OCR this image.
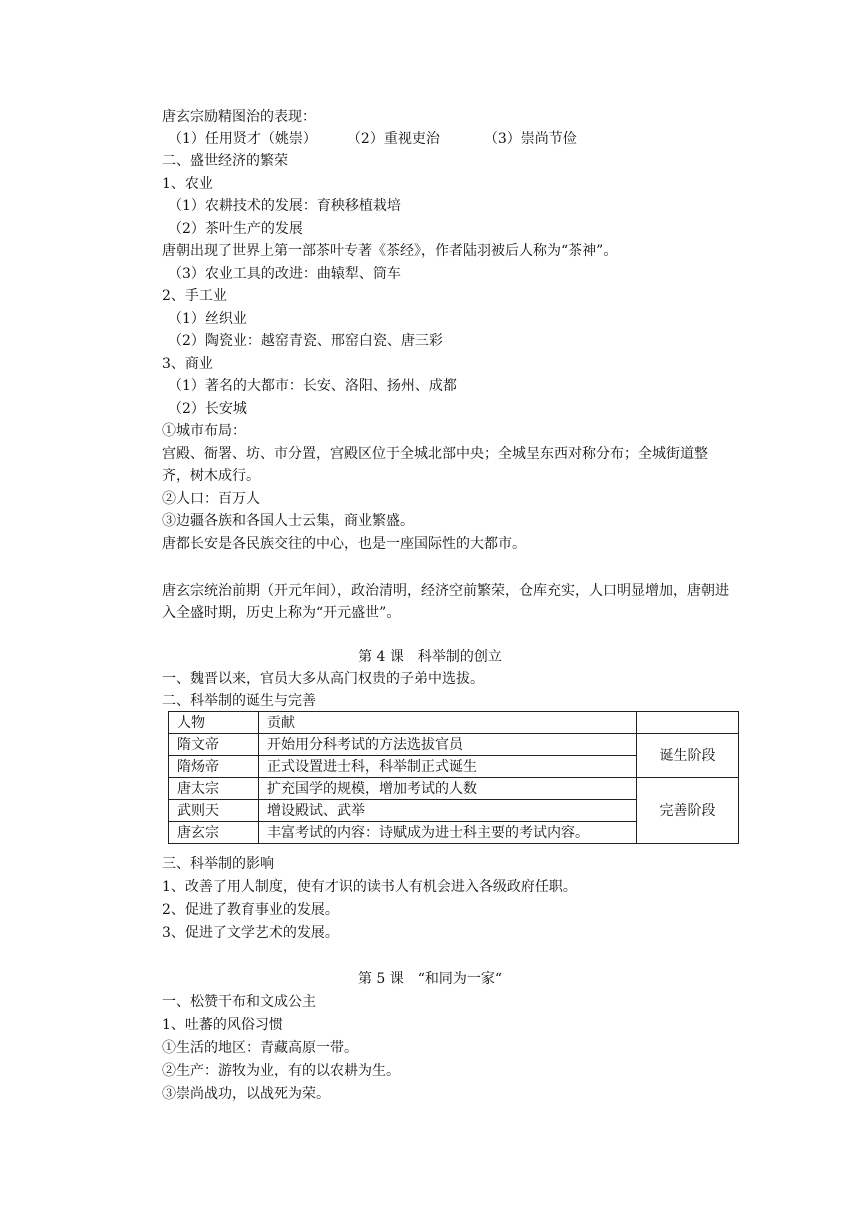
唐玄宗励精图治的表现：
（1）任用贤才（姚崇） （2）重视吏治	（3）崇尚节俭
二、盛世经济的繁荣
1、农业
（1）农耕技术的发展：育秧移植栽培
（2）茶叶生产的发展
唐朝出现了世界上第一部茶叶专著《茶经》，作者陆羽被后人称为“茶神”。
（3）农业工具的改进：曲辕犁、筒车
2、手工业
（1）丝织业
（2）陶瓷业：越窑青瓷、邢窑白瓷、唐三彩
3、商业
（1）著名的大都市：长安、洛阳、扬州、成都
（2）长安城
①城市布局：
宫殿、衙署、坊、市分置，宫殿区位于全城北部中央；全城呈东西对称分布；全城街道整齐，树木成行。
②人口：百万人
③边疆各族和各国人士云集，商业繁盛。
唐都长安是各民族交往的中心，也是一座国际性的大都市。
唐玄宗统治前期（开元年间），政治清明，经济空前繁荣，仓库充实，人口明显增加，唐朝进入全盛时期，历史上称为“开元盛世”。
第 4 课　科举制的创立
一、魏晋以来，官员大多从高门权贵的子弟中选拔。
二、科举制的诞生与完善
人物	贡献	
隋文帝	开始用分科考试的方法选拔官员	诞生阶段
隋炀帝	正式设置进士科，科举制正式诞生	
唐太宗	扩充国学的规模，增加考试的人数	完善阶段
武则天	增设殿试、武举	
唐玄宗	丰富考试的内容：诗赋成为进士科主要的考试内容。	
三、科举制的影响
1、改善了用人制度，使有才识的读书人有机会进入各级政府任职。
2、促进了教育事业的发展。
3、促进了文学艺术的发展。
第 5 课　“和同为一家“
一、松赞干布和文成公主
1、吐蕃的风俗习惯
①生活的地区：青藏高原一带。
②生产：游牧为业，有的以农耕为生。
③崇尚战功，以战死为荣。
